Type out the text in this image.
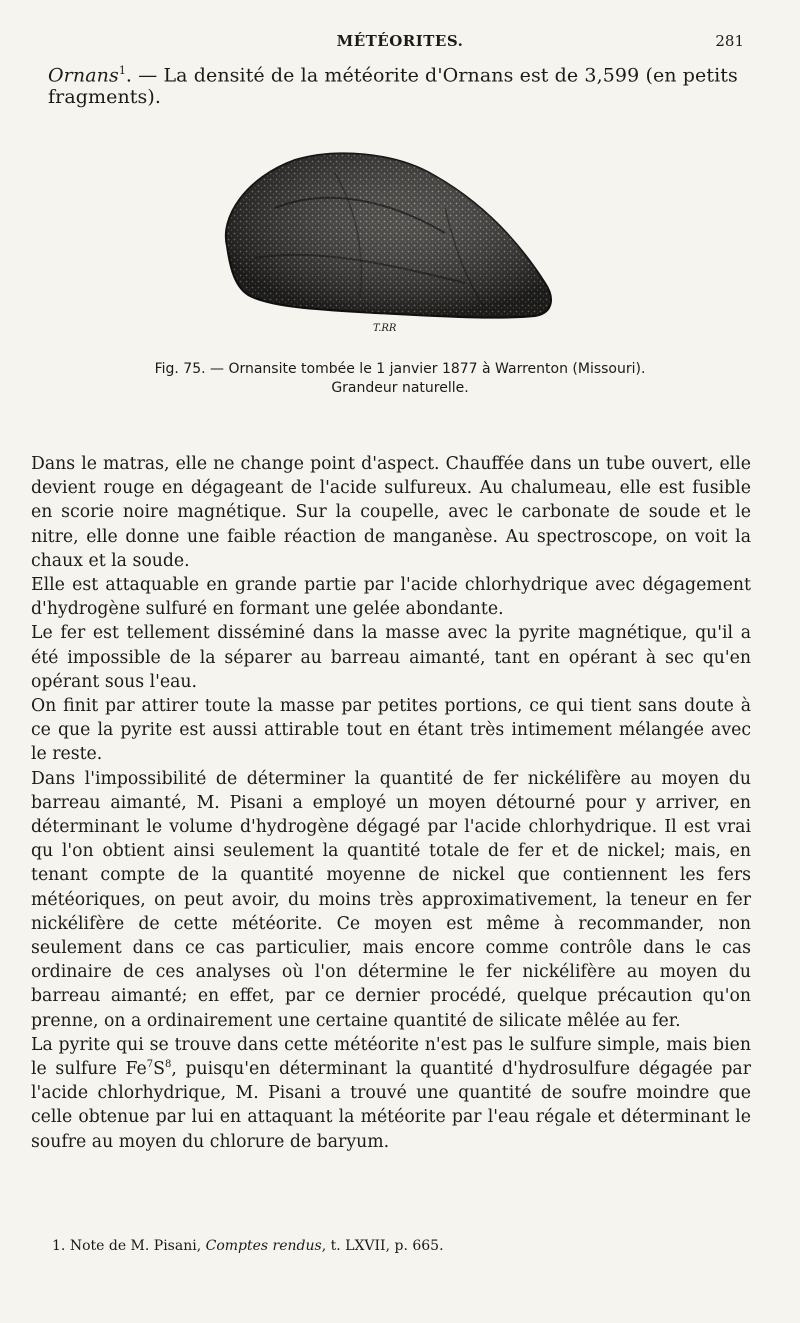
MÉTÉORITES.	281
Ornans$^1$. — La densité de la météorite d'Ornans est de 3,599 (en petits fragments).
T.RR
Fig. 75. — Ornansite tombée le 1 janvier 1877 à Warrenton (Missouri).
Grandeur naturelle.

Dans le matras, elle ne change point d'aspect. Chauffée dans un tube ouvert, elle devient rouge en dégageant de l'acide sulfureux. Au chalumeau, elle est fusible en scorie noire magnétique. Sur la coupelle, avec le carbonate de soude et le nitre, elle donne une faible réaction de manganèse. Au spectroscope, on voit la chaux et la soude.

Elle est attaquable en grande partie par l'acide chlorhydrique avec dégagement d'hydrogène sulfuré en formant une gelée abondante.

Le fer est tellement disséminé dans la masse avec la pyrite magnétique, qu'il a été impossible de la séparer au barreau aimanté, tant en opérant à sec qu'en opérant sous l'eau.

On finit par attirer toute la masse par petites portions, ce qui tient sans doute à ce que la pyrite est aussi attirable tout en étant très intimement mélangée avec le reste.

Dans l'impossibilité de déterminer la quantité de fer nickélifère au moyen du barreau aimanté, M. Pisani a employé un moyen détourné pour y arriver, en déterminant le volume d'hydrogène dégagé par l'acide chlorhydrique. Il est vrai qu l'on obtient ainsi seulement la quantité totale de fer et de nickel; mais, en tenant compte de la quantité moyenne de nickel que contiennent les fers météoriques, on peut avoir, du moins très approximativement, la teneur en fer nickélifère de cette météorite. Ce moyen est même à recommander, non seulement dans ce cas particulier, mais encore comme contrôle dans le cas ordinaire de ces analyses où l'on détermine le fer nickélifère au moyen du barreau aimanté; en effet, par ce dernier procédé, quelque précaution qu'on prenne, on a ordinairement une certaine quantité de silicate mêlée au fer.

La pyrite qui se trouve dans cette météorite n'est pas le sulfure simple, mais bien le sulfure $Fe^7S^8$, puisqu'en déterminant la quantité d'hydrosulfure dégagée par l'acide chlorhydrique, M. Pisani a trouvé une quantité de soufre moindre que celle obtenue par lui en attaquant la météorite par l'eau régale et déterminant le soufre au moyen du chlorure de baryum.

1. Note de M. Pisani, Comptes rendus, t. LXVII, p. 665.
